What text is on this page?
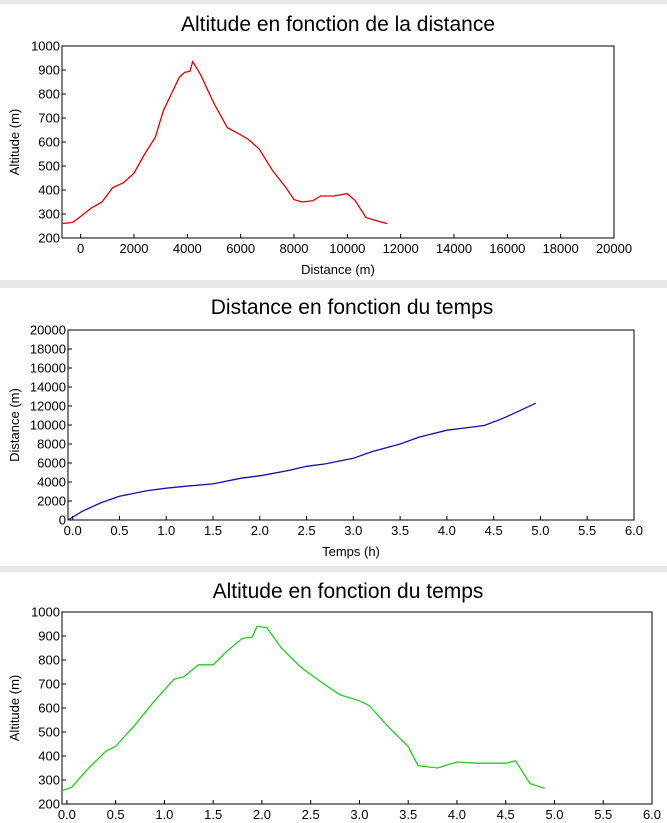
Altitude en fonction de la distance
200
300
400
500
600
700
800
900
1000
0	2000 4000 6000 8000 10000 12000 14000 16000 18000 20000
Distance (m)
Altitude (m)
Distance en fonction du temps
0
2000
4000
6000
8000
10000
12000
14000
16000
18000
20000
0.0 0.5 1.0 1.5 2.0 2.5 3.0 3.5 4.0 4.5 5.0 5.5 6.0
Temps (h)
Distance (m)
Altitude en fonction du temps
200
300
400
500
600
700
800
900
1000
0.0 0.5 1.0 1.5 2.0 2.5 3.0 3.5 4.0 4.5 5.0 5.5 6.0
Altitude (m)
